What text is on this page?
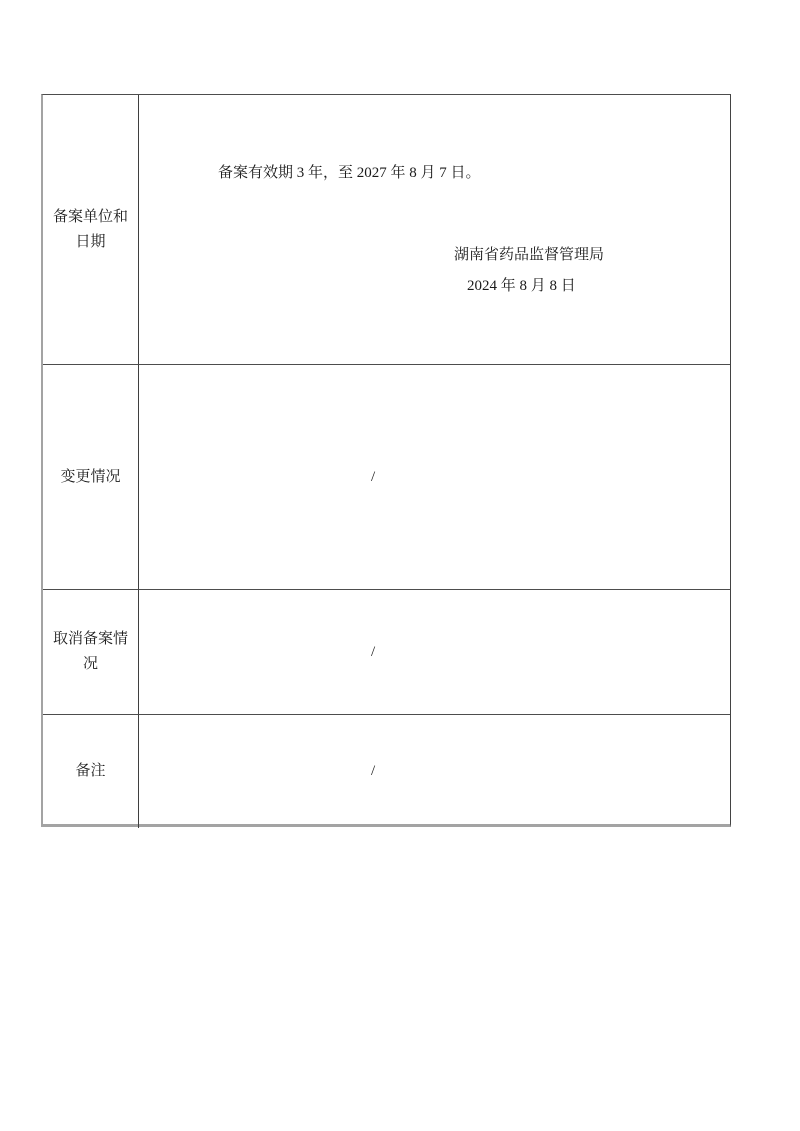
备案单位和日期

备案有效期 3 年，至 2027 年 8 月 7 日。

湖南省药品监督管理局

2024 年 8 月 8 日

变更情况	/
取消备案情况
/
备注	/
